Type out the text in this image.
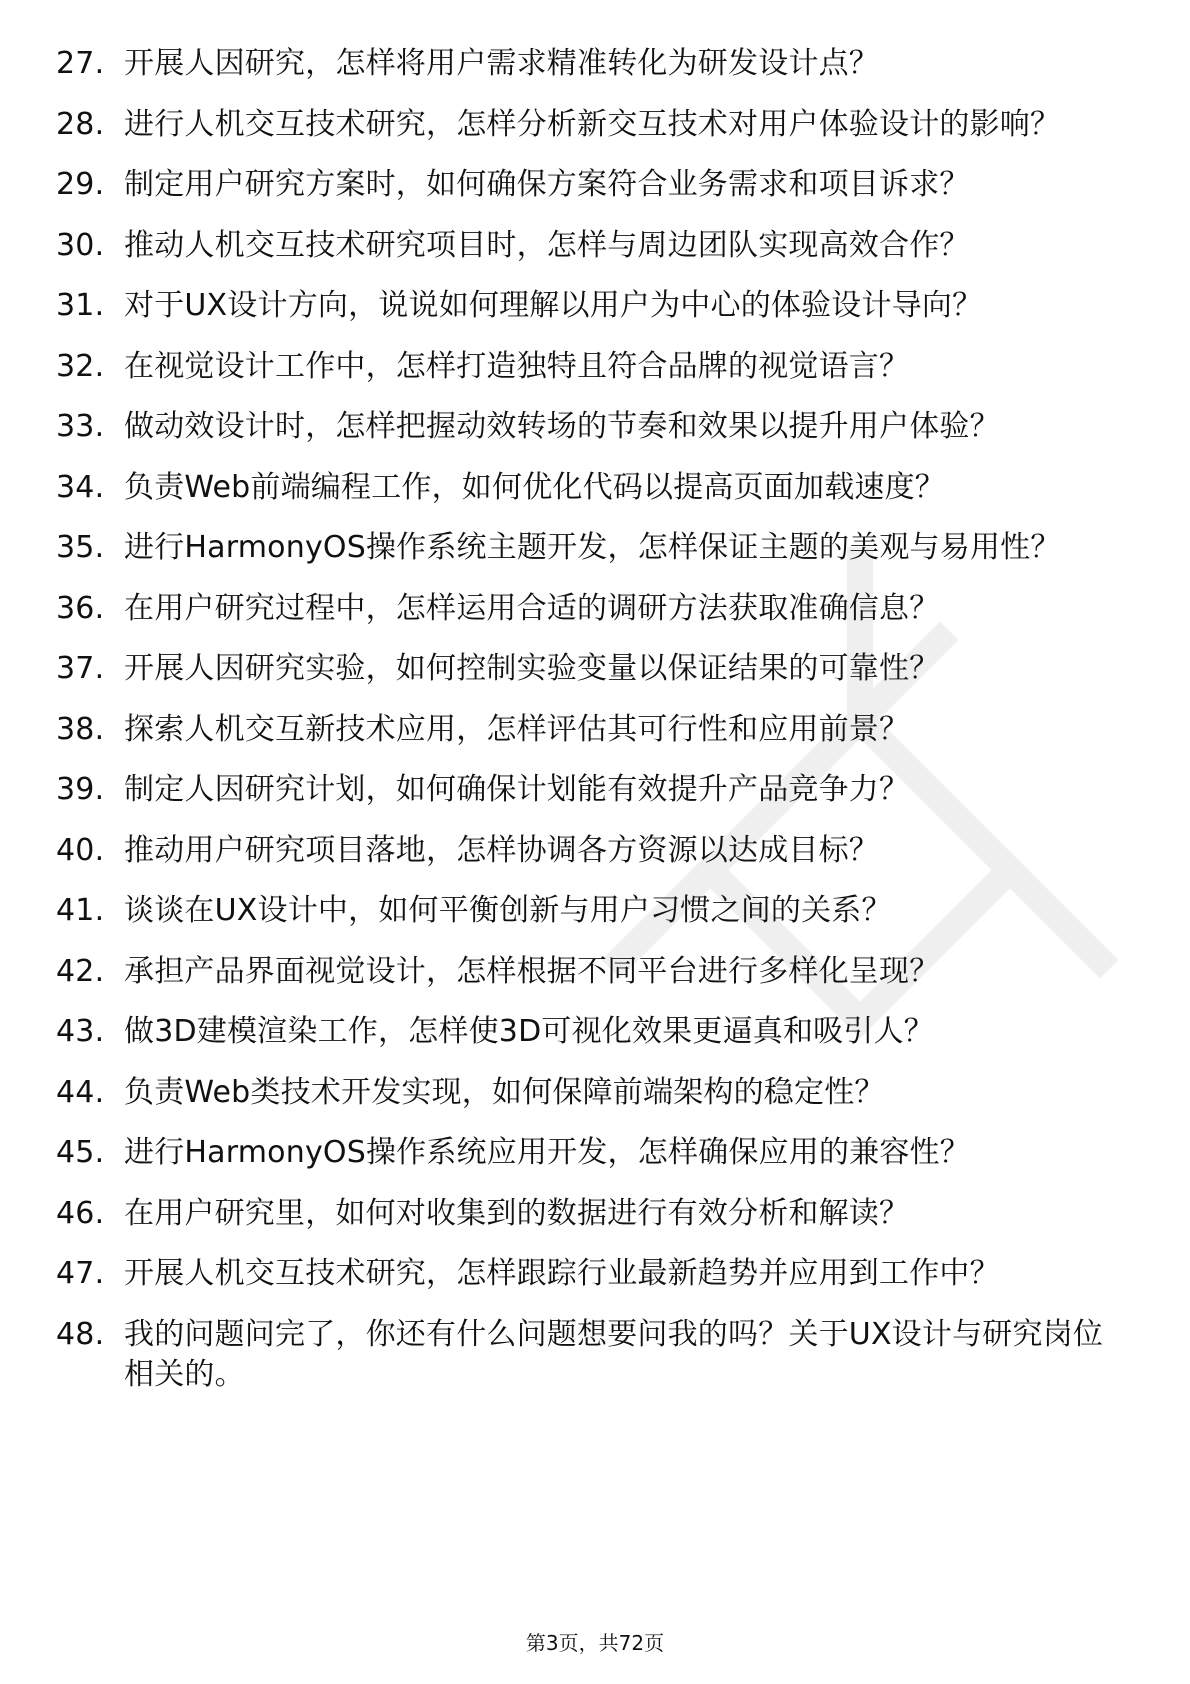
27. 开展人因研究，怎样将用户需求精准转化为研发设计点？
28. 进行人机交互技术研究，怎样分析新交互技术对用户体验设计的影响？
29. 制定用户研究方案时，如何确保方案符合业务需求和项目诉求？
30. 推动人机交互技术研究项目时，怎样与周边团队实现高效合作？
31. 对于UX设计方向，说说如何理解以用户为中心的体验设计导向？
32. 在视觉设计工作中，怎样打造独特且符合品牌的视觉语言？
33. 做动效设计时，怎样把握动效转场的节奏和效果以提升用户体验？
34. 负责Web前端编程工作，如何优化代码以提高页面加载速度？
35. 进行HarmonyOS操作系统主题开发，怎样保证主题的美观与易用性？
36. 在用户研究过程中，怎样运用合适的调研方法获取准确信息？
37. 开展人因研究实验，如何控制实验变量以保证结果的可靠性？
38. 探索人机交互新技术应用，怎样评估其可行性和应用前景？
39. 制定人因研究计划，如何确保计划能有效提升产品竞争力？
40. 推动用户研究项目落地，怎样协调各方资源以达成目标？
41. 谈谈在UX设计中，如何平衡创新与用户习惯之间的关系？
42. 承担产品界面视觉设计，怎样根据不同平台进行多样化呈现？
43. 做3D建模渲染工作，怎样使3D可视化效果更逼真和吸引人？
44. 负责Web类技术开发实现，如何保障前端架构的稳定性？
45. 进行HarmonyOS操作系统应用开发，怎样确保应用的兼容性？
46. 在用户研究里，如何对收集到的数据进行有效分析和解读？
47. 开展人机交互技术研究，怎样跟踪行业最新趋势并应用到工作中？
48. 我的问题问完了，你还有什么问题想要问我的吗？关于UX设计与研究岗位相关的。
第3页，共72页
